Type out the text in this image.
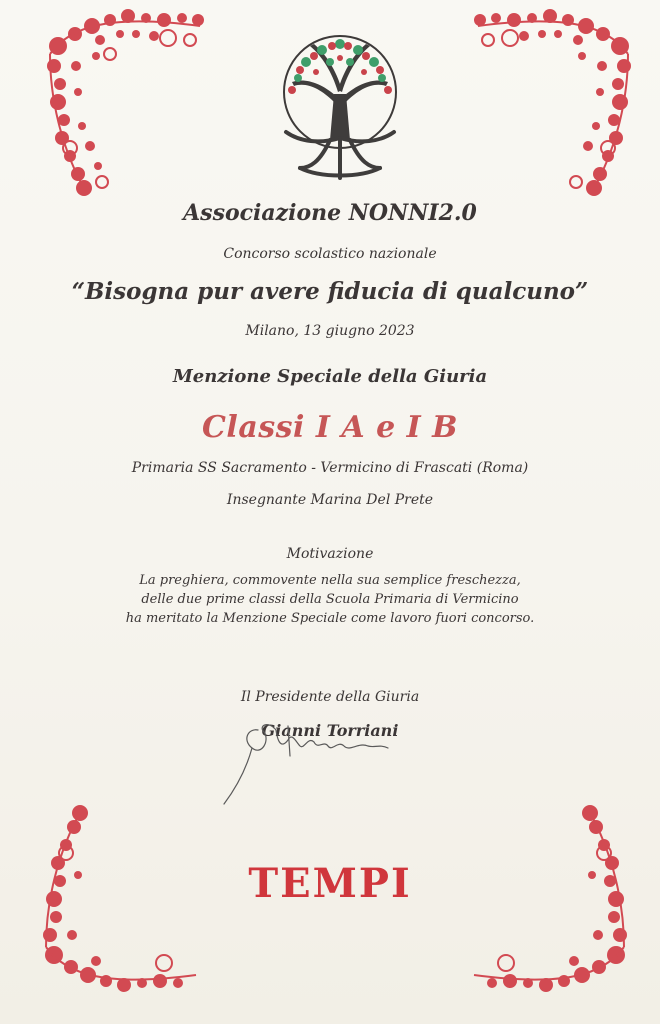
Associazione NONNI2.0
Concorso scolastico nazionale
“Bisogna pur avere fiducia di qualcuno”
Milano, 13 giugno 2023
Menzione Speciale della Giuria
Classi I A e I B
Primaria SS Sacramento - Vermicino di Frascati (Roma)
Insegnante Marina Del Prete
Motivazione
La preghiera, commovente nella sua semplice freschezza,
delle due prime classi della Scuola Primaria di Vermicino
ha meritato la Menzione Speciale come lavoro fuori concorso.
Il Presidente della Giuria
Gianni Torriani
TEMPI
